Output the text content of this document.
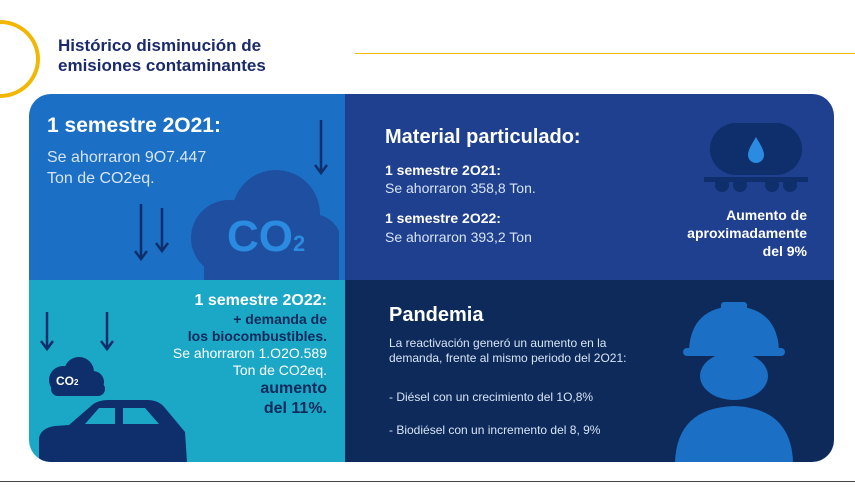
Histórico disminución de
emisiones contaminantes
1 semestre 2O21:
Se ahorraron 9O7.447
Ton de CO2eq.
CO2
Material particulado:
1 semestre 2O21:
Se ahorraron 358,8 Ton.
1 semestre 2O22:
Se ahorraron 393,2 Ton
Aumento de
aproximadamente
del 9%
CO2
1 semestre 2O22:
+ demanda de
los biocombustibles.
Se ahorraron 1.O2O.589
Ton de CO2eq.
aumento
del 11%.
Pandemia
La reactivación generó un aumento en la
demanda, frente al mismo periodo del 2O21:
- Diésel con un crecimiento del 1O,8%
- Biodiésel con un incremento del 8, 9%
